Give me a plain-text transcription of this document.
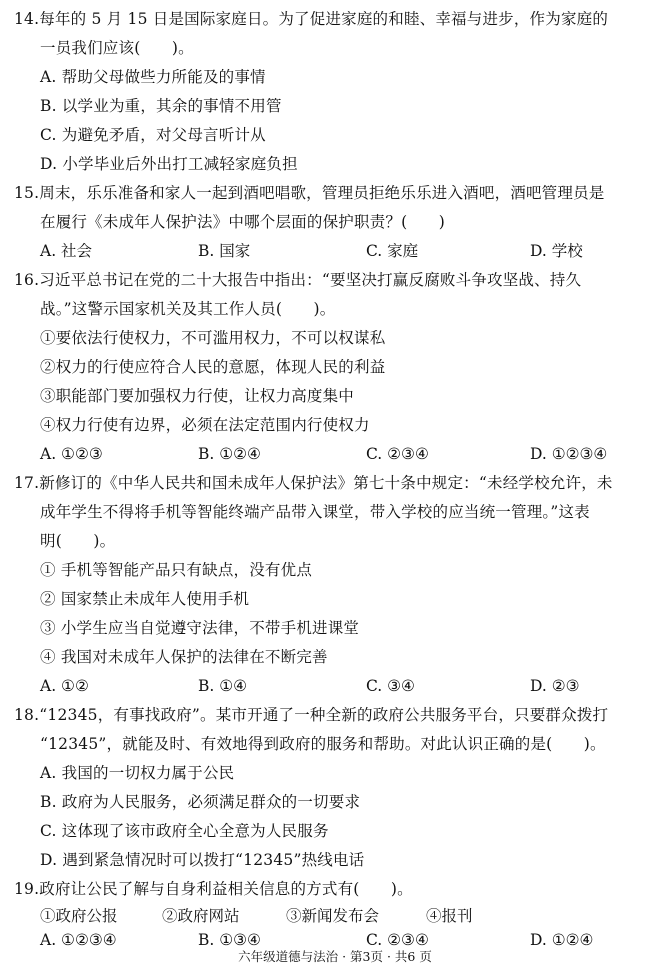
14.每年的 5 月 15 日是国际家庭日。为了促进家庭的和睦、幸福与进步，作为家庭的
一员我们应该(　　)。
A. 帮助父母做些力所能及的事情
B. 以学业为重，其余的事情不用管
C. 为避免矛盾，对父母言听计从
D. 小学毕业后外出打工减轻家庭负担
15.周末，乐乐准备和家人一起到酒吧唱歌，管理员拒绝乐乐进入酒吧，酒吧管理员是
在履行《未成年人保护法》中哪个层面的保护职责？(　　)
A. 社会	B. 国家	C. 家庭	D. 学校
16.习近平总书记在党的二十大报告中指出：“要坚决打赢反腐败斗争攻坚战、持久
战。”这警示国家机关及其工作人员(　　)。
①要依法行使权力，不可滥用权力，不可以权谋私
②权力的行使应符合人民的意愿，体现人民的利益
③职能部门要加强权力行使，让权力高度集中
④权力行使有边界，必须在法定范围内行使权力
A. ①②③	B. ①②④	C. ②③④	D. ①②③④
17.新修订的《中华人民共和国未成年人保护法》第七十条中规定：“未经学校允许，未
成年学生不得将手机等智能终端产品带入课堂，带入学校的应当统一管理。”这表
明(　　)。
① 手机等智能产品只有缺点，没有优点
② 国家禁止未成年人使用手机
③ 小学生应当自觉遵守法律，不带手机进课堂
④ 我国对未成年人保护的法律在不断完善
A. ①②	B. ①④	C. ③④	D. ②③
18.“12345，有事找政府”。某市开通了一种全新的政府公共服务平台，只要群众拨打
“12345”，就能及时、有效地得到政府的服务和帮助。对此认识正确的是(　　)。
A. 我国的一切权力属于公民
B. 政府为人民服务，必须满足群众的一切要求
C. 这体现了该市政府全心全意为人民服务
D. 遇到紧急情况时可以拨打“12345”热线电话
19.政府让公民了解与自身利益相关信息的方式有(　　)。
①政府公报	②政府网站	③新闻发布会	④报刊
A. ①②③④	B. ①③④	C. ②③④	D. ①②④
六年级道德与法治 · 第3页 · 共6 页
